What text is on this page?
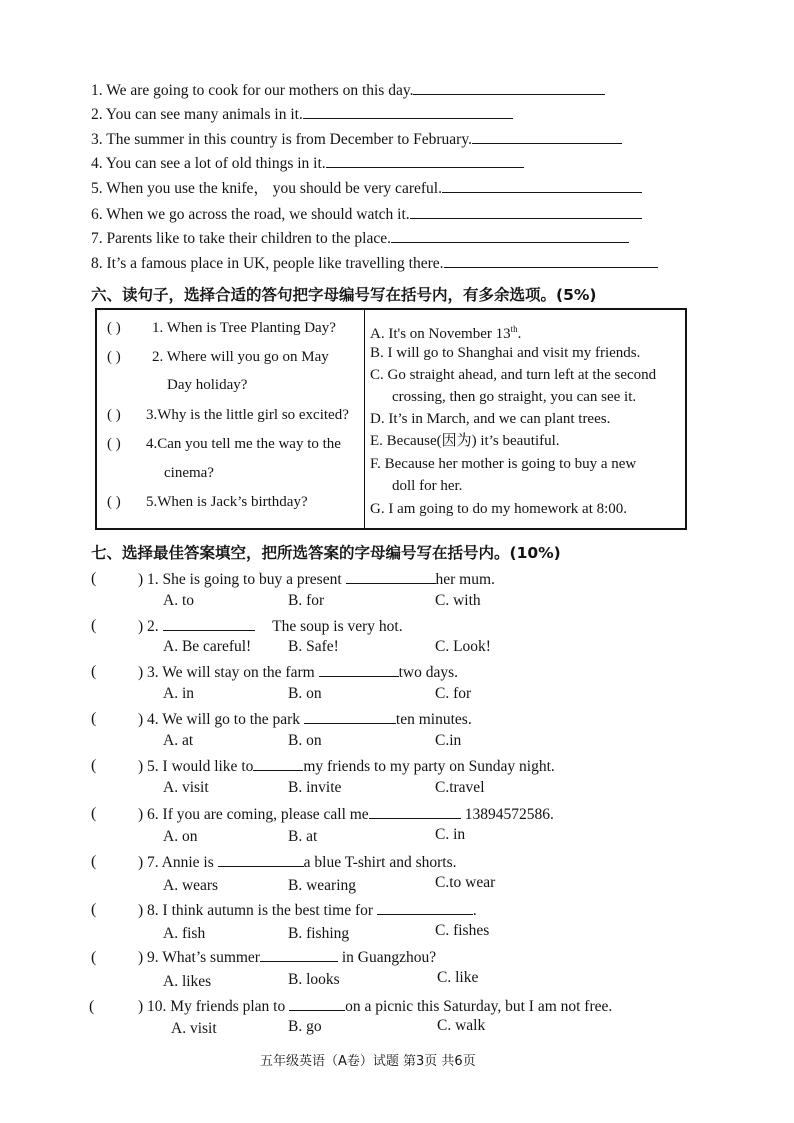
1. We are going to cook for our mothers on this day.
2. You can see many animals in it.
3. The summer in this country is from December to February.
4. You can see a lot of old things in it.
5. When you use the knife， you should be very careful.
6. When we go across the road, we should watch it.
7. Parents like to take their children to the place.
8. It’s a famous place in UK, people like travelling there.
六、读句子，选择合适的答句把字母编号写在括号内，有多余选项。(5%)
( ) 1. When is Tree Planting Day?
( ) 2. Where will you go on May
Day holiday?
( ) 3.Why is the little girl so excited?
( ) 4.Can you tell me the way to the
cinema?
( ) 5.When is Jack’s birthday?
A. It's on November 13th.
B. I will go to Shanghai and visit my friends.
C. Go straight ahead, and turn left at the second
crossing, then go straight, you can see it.
D. It’s in March, and we can plant trees.
E. Because(因为) it’s beautiful.
F. Because her mother is going to buy a new
doll for her.
G. I am going to do my homework at 8:00.
七、选择最佳答案填空，把所选答案的字母编号写在括号内。(10%)
(	) 1. She is going to buy a present	her mum.
A. to	B. for	C. with
(	) 2.	The soup is very hot.
A. Be careful! B. Safe!	C. Look!
(	) 3. We will stay on the farm	two days.
A. in	B. on	C. for
(	) 4. We will go to the park	ten minutes.
A. at	B. on	C.in
(	) 5. I would like to	my friends to my party on Sunday night.
A. visit	B. invite	C.travel
(	) 6. If you are coming, please call me	13894572586.
A. on	B. at	C. in
(	) 7. Annie is	a blue T-shirt and shorts.
A. wears	B. wearing	C.to wear
(	) 8. I think autumn is the best time for	.
A. fish	B. fishing	C. fishes
(	) 9. What’s summer	in Guangzhou?
A. likes	B. looks	C. like
(	) 10. My friends plan to	on a picnic this Saturday, but I am not free.
A. visit	B. go	C. walk
五年级英语（A卷）试题 第3页 共6页
